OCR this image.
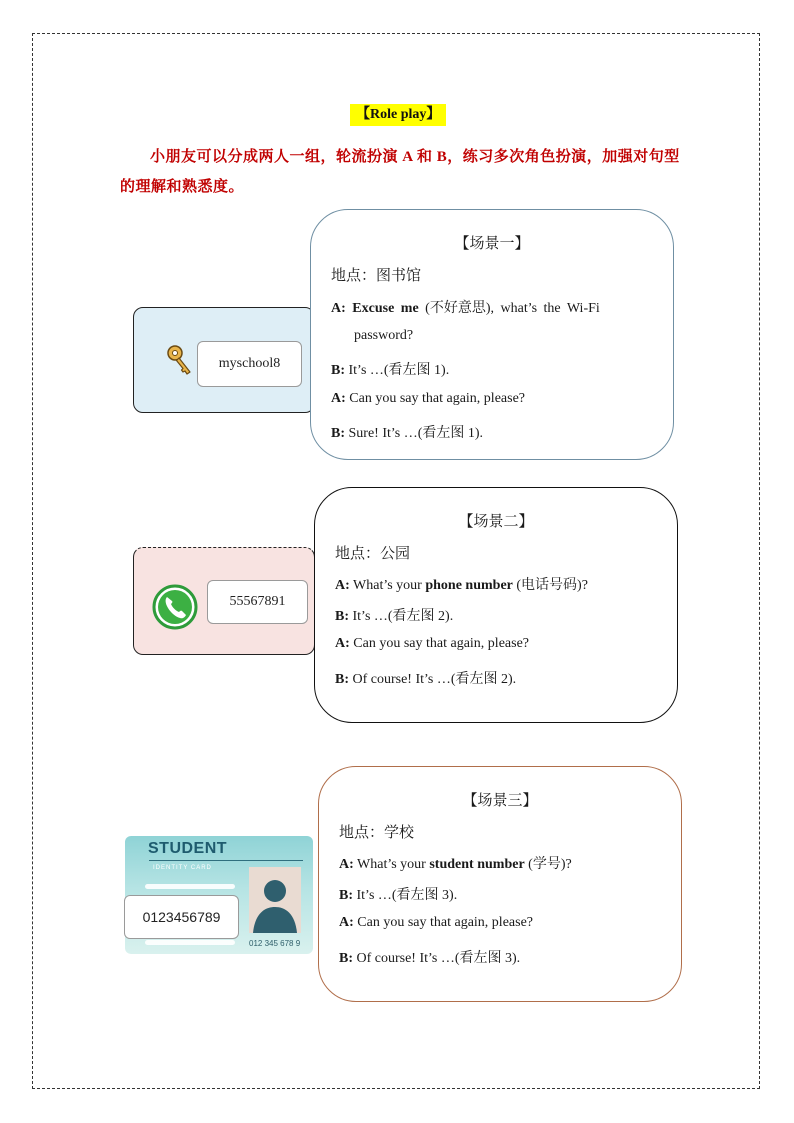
【Role play】
小朋友可以分成两人一组，轮流扮演 A 和 B，练习多次角色扮演，加强对句型的理解和熟悉度。
myschool8
【场景一】
地点：图书馆
A: Excuse me (不好意思), what’s the Wi-Fi
password?
B: It’s …(看左图 1).
A: Can you say that again, please?
B: Sure! It’s …(看左图 1).
55567891
【场景二】
地点：公园
A: What’s your phone number (电话号码)?
B: It’s …(看左图 2).
A: Can you say that again, please?
B: Of course! It’s …(看左图 2).
STUDENT
IDENTITY CARD
012 345 678 9
0123456789
【场景三】
地点：学校
A: What’s your student number (学号)?
B: It’s …(看左图 3).
A: Can you say that again, please?
B: Of course! It’s …(看左图 3).
